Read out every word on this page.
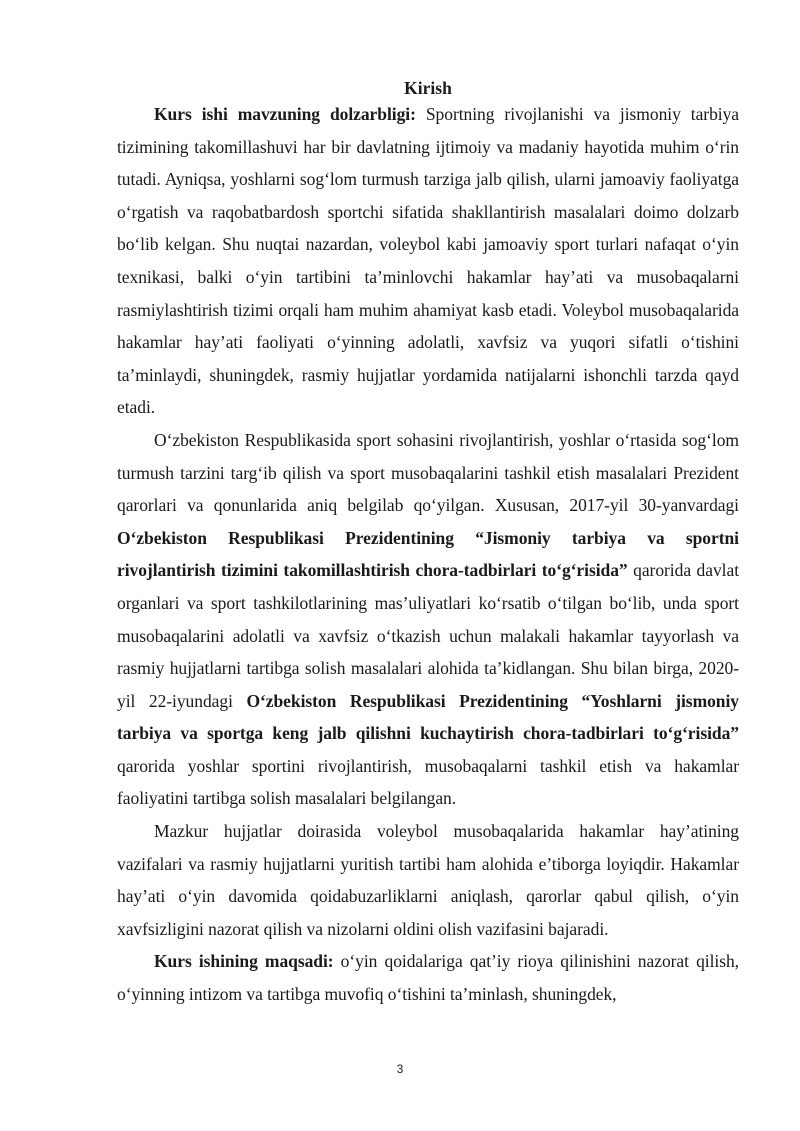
Kirish

Kurs ishi mavzuning dolzarbligi: Sportning rivojlanishi va jismoniy tarbiya tizimining takomillashuvi har bir davlatning ijtimoiy va madaniy hayotida muhim o‘rin tutadi. Ayniqsa, yoshlarni sog‘lom turmush tarziga jalb qilish, ularni jamoaviy faoliyatga o‘rgatish va raqobatbardosh sportchi sifatida shakllantirish masalalari doimo dolzarb bo‘lib kelgan. Shu nuqtai nazardan, voleybol kabi jamoaviy sport turlari nafaqat o‘yin texnikasi, balki o‘yin tartibini ta’minlovchi hakamlar hay’ati va musobaqalarni rasmiylashtirish tizimi orqali ham muhim ahamiyat kasb etadi. Voleybol musobaqalarida hakamlar hay’ati faoliyati o‘yinning adolatli, xavfsiz va yuqori sifatli o‘tishini ta’minlaydi, shuningdek, rasmiy hujjatlar yordamida natijalarni ishonchli tarzda qayd etadi.

O‘zbekiston Respublikasida sport sohasini rivojlantirish, yoshlar o‘rtasida sog‘lom turmush tarzini targ‘ib qilish va sport musobaqalarini tashkil etish masalalari Prezident qarorlari va qonunlarida aniq belgilab qo‘yilgan. Xususan, 2017-yil 30-yanvardagi O‘zbekiston Respublikasi Prezidentining “Jismoniy tarbiya va sportni rivojlantirish tizimini takomillashtirish chora-tadbirlari to‘g‘risida” qarorida davlat organlari va sport tashkilotlarining mas’uliyatlari ko‘rsatib o‘tilgan bo‘lib, unda sport musobaqalarini adolatli va xavfsiz o‘tkazish uchun malakali hakamlar tayyorlash va rasmiy hujjatlarni tartibga solish masalalari alohida ta’kidlangan. Shu bilan birga, 2020-yil 22-iyundagi O‘zbekiston Respublikasi Prezidentining “Yoshlarni jismoniy tarbiya va sportga keng jalb qilishni kuchaytirish chora-tadbirlari to‘g‘risida” qarorida yoshlar sportini rivojlantirish, musobaqalarni tashkil etish va hakamlar faoliyatini tartibga solish masalalari belgilangan.

Mazkur hujjatlar doirasida voleybol musobaqalarida hakamlar hay’atining vazifalari va rasmiy hujjatlarni yuritish tartibi ham alohida e’tiborga loyiqdir. Hakamlar hay’ati o‘yin davomida qoidabuzarliklarni aniqlash, qarorlar qabul qilish, o‘yin xavfsizligini nazorat qilish va nizolarni oldini olish vazifasini bajaradi.

Kurs ishining maqsadi: o‘yin qoidalariga qat’iy rioya qilinishini nazorat qilish, o‘yinning intizom va tartibga muvofiq o‘tishini ta’minlash, shuningdek,

3
